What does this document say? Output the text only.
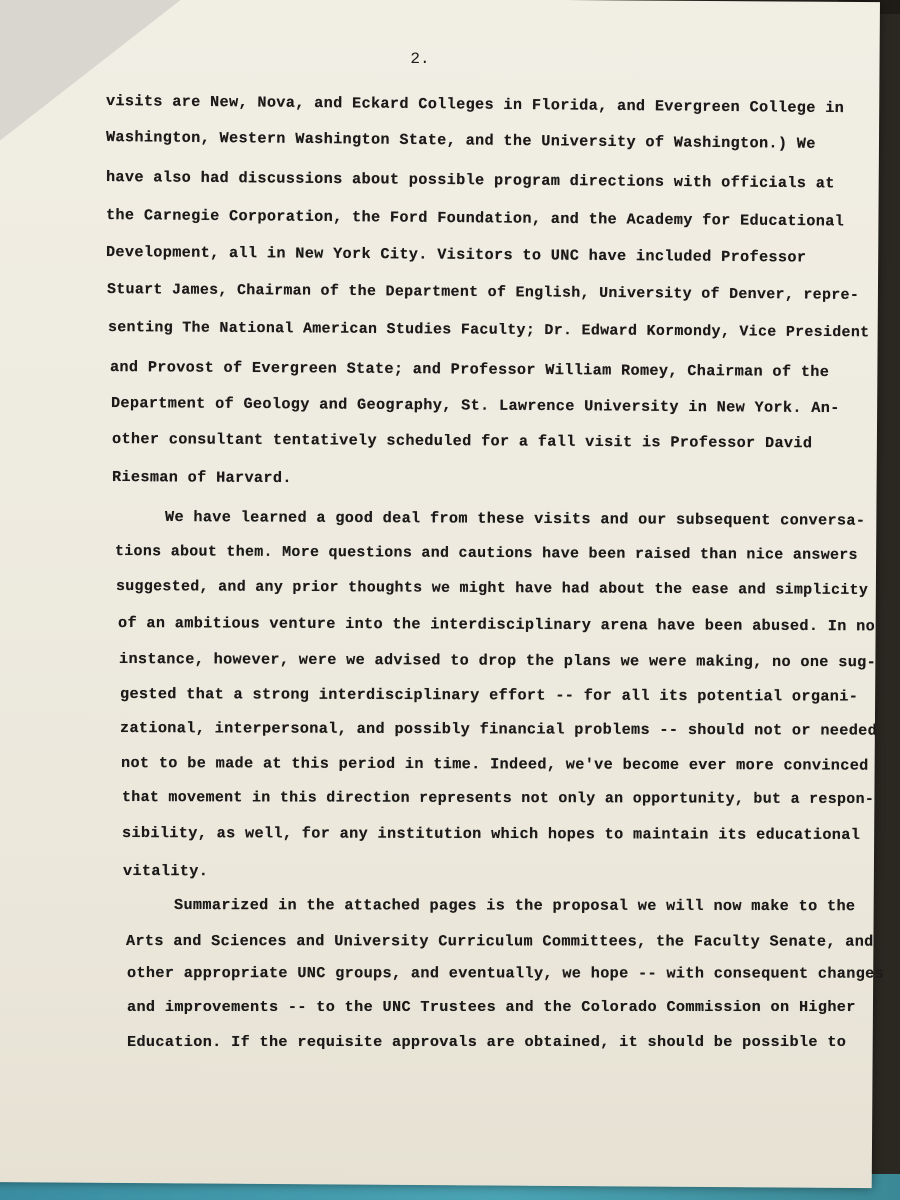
2.
visits are New, Nova, and Eckard Colleges in Florida, and Evergreen College in
Washington, Western Washington State, and the University of Washington.) We
have also had discussions about possible program directions with officials at
the Carnegie Corporation, the Ford Foundation, and the Academy for Educational
Development, all in New York City. Visitors to UNC have included Professor
Stuart James, Chairman of the Department of English, University of Denver, repre-
senting The National American Studies Faculty; Dr. Edward Kormondy, Vice President
and Provost of Evergreen State; and Professor William Romey, Chairman of the
Department of Geology and Geography, St. Lawrence University in New York. An-
other consultant tentatively scheduled for a fall visit is Professor David
Riesman of Harvard.
We have learned a good deal from these visits and our subsequent conversa-
tions about them. More questions and cautions have been raised than nice answers
suggested, and any prior thoughts we might have had about the ease and simplicity
of an ambitious venture into the interdisciplinary arena have been abused. In no
instance, however, were we advised to drop the plans we were making, no one sug-
gested that a strong interdisciplinary effort -- for all its potential organi-
zational, interpersonal, and possibly financial problems -- should not or needed
not to be made at this period in time. Indeed, we've become ever more convinced
that movement in this direction represents not only an opportunity, but a respon-
sibility, as well, for any institution which hopes to maintain its educational
vitality.
Summarized in the attached pages is the proposal we will now make to the
Arts and Sciences and University Curriculum Committees, the Faculty Senate, and
other appropriate UNC groups, and eventually, we hope -- with consequent changes
and improvements -- to the UNC Trustees and the Colorado Commission on Higher
Education. If the requisite approvals are obtained, it should be possible to
